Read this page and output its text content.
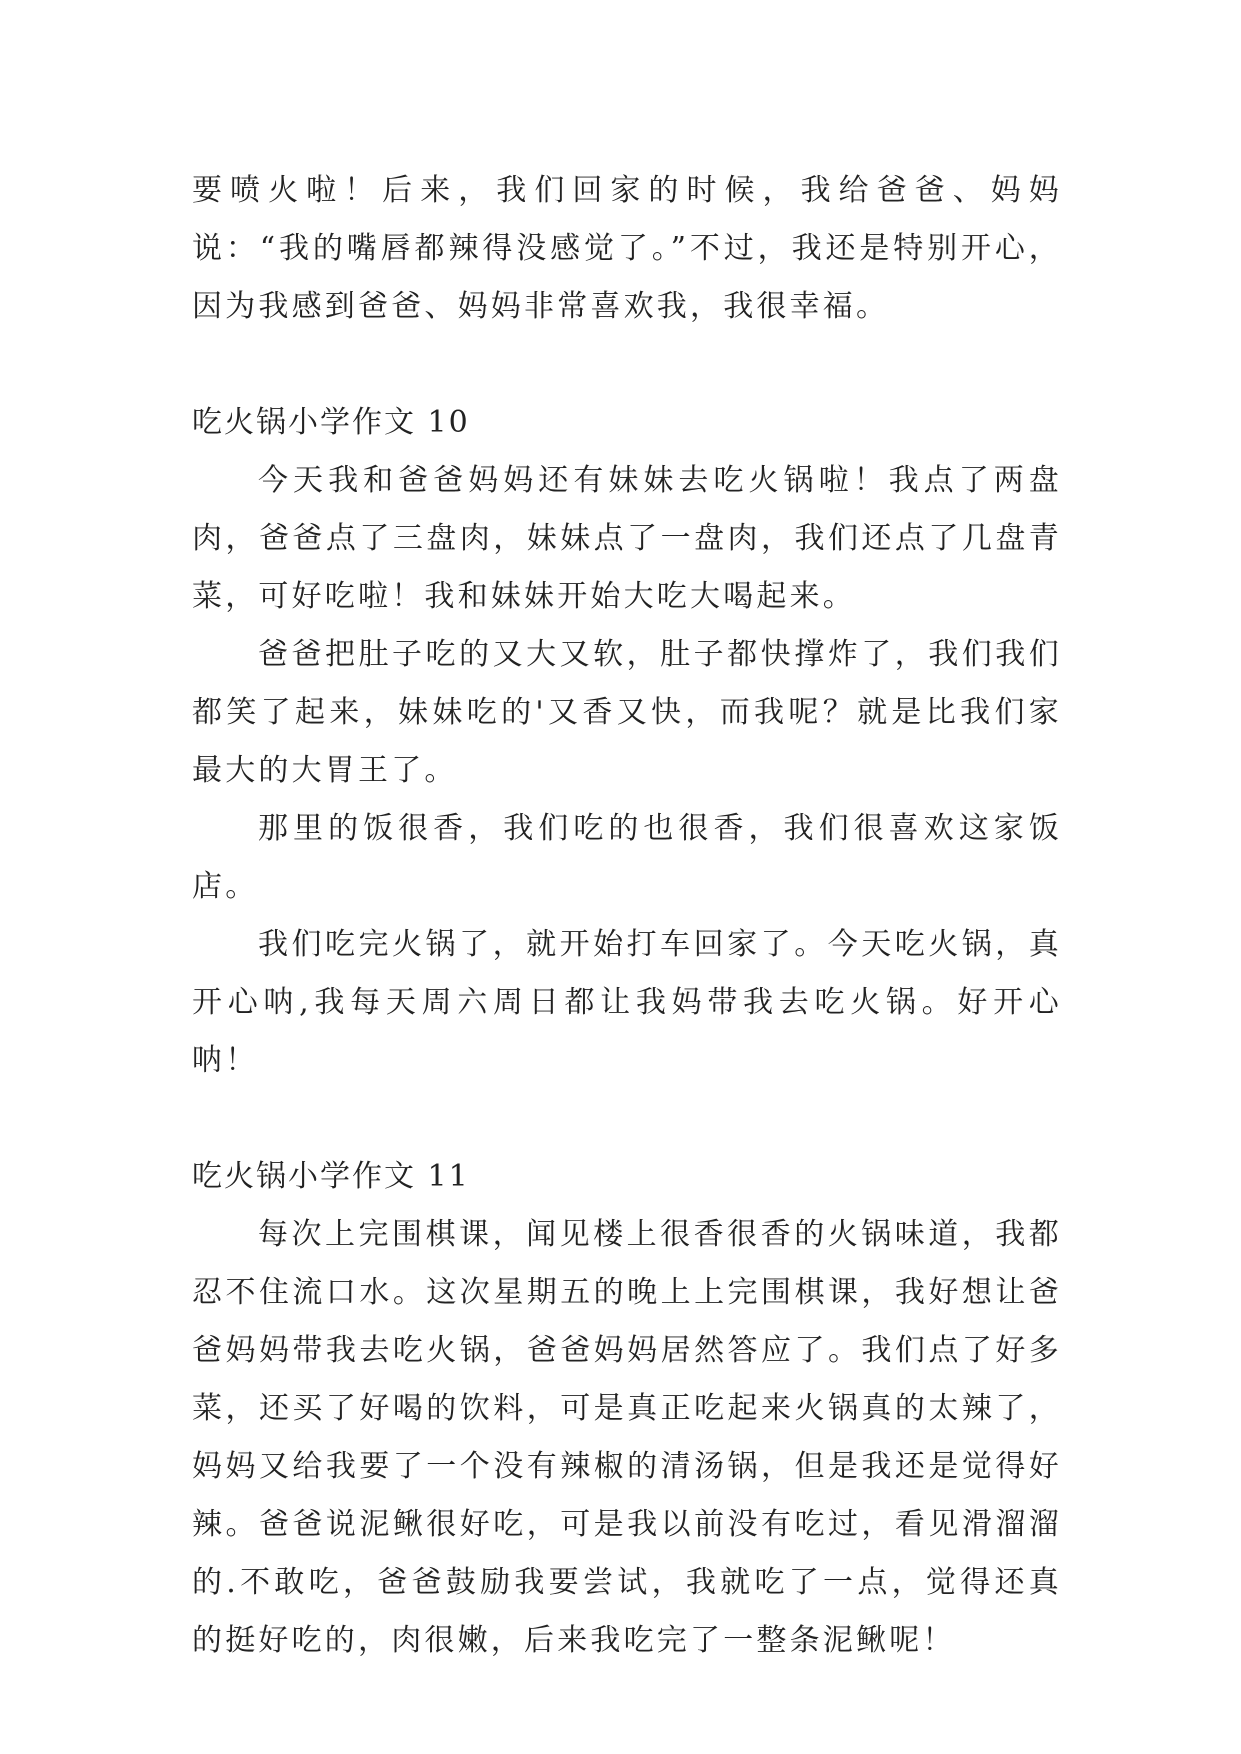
要喷火啦！后来，我们回家的时候，我给爸爸、妈妈说：“我的嘴唇都辣得没感觉了。”不过，我还是特别开心，因为我感到爸爸、妈妈非常喜欢我，我很幸福。

吃火锅小学作文 10

今天我和爸爸妈妈还有妹妹去吃火锅啦！我点了两盘肉，爸爸点了三盘肉，妹妹点了一盘肉，我们还点了几盘青菜，可好吃啦！我和妹妹开始大吃大喝起来。

爸爸把肚子吃的又大又软，肚子都快撑炸了，我们我们都笑了起来，妹妹吃的'又香又快，而我呢？就是比我们家最大的大胃王了。

那里的饭很香，我们吃的也很香，我们很喜欢这家饭店。

我们吃完火锅了，就开始打车回家了。今天吃火锅，真开心呐,我每天周六周日都让我妈带我去吃火锅。好开心呐！

吃火锅小学作文 11

每次上完围棋课，闻见楼上很香很香的火锅味道，我都忍不住流口水。这次星期五的晚上上完围棋课，我好想让爸爸妈妈带我去吃火锅，爸爸妈妈居然答应了。我们点了好多菜，还买了好喝的饮料，可是真正吃起来火锅真的太辣了，妈妈又给我要了一个没有辣椒的清汤锅，但是我还是觉得好辣。爸爸说泥鳅很好吃，可是我以前没有吃过，看见滑溜溜的.不敢吃，爸爸鼓励我要尝试，我就吃了一点，觉得还真的挺好吃的，肉很嫩，后来我吃完了一整条泥鳅呢！
